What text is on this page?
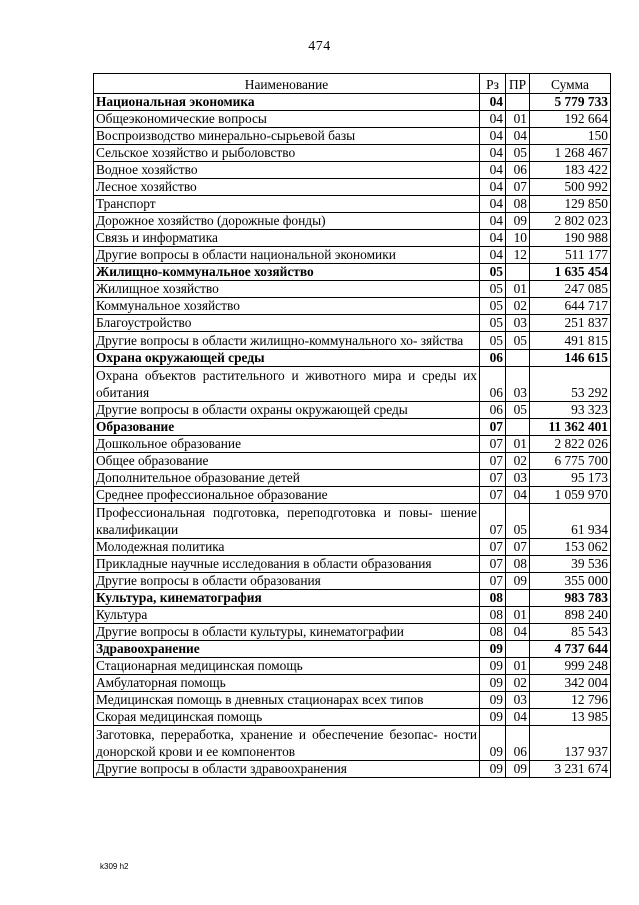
474
Наименование	Рз	ПР	Сумма
Национальная экономика	04		5 779 733
Общеэкономические вопросы	04	01	192 664
Воспроизводство минерально-сырьевой базы	04	04	150
Сельское хозяйство и рыболовство	04	05	1 268 467
Водное хозяйство	04	06	183 422
Лесное хозяйство	04	07	500 992
Транспорт	04	08	129 850
Дорожное хозяйство (дорожные фонды)	04	09	2 802 023
Связь и информатика	04	10	190 988
Другие вопросы в области национальной экономики	04	12	511 177
Жилищно-коммунальное хозяйство	05		1 635 454
Жилищное хозяйство	05	01	247 085
Коммунальное хозяйство	05	02	644 717
Благоустройство	05	03	251 837
Другие вопросы в области жилищно-коммунального хо- зяйства	05	05	491 815
Охрана окружающей среды	06		146 615
Охрана объектов растительного и животного мира и среды их обитания	06	03	53 292
Другие вопросы в области охраны окружающей среды	06	05	93 323
Образование	07		11 362 401
Дошкольное образование	07	01	2 822 026
Общее образование	07	02	6 775 700
Дополнительное образование детей	07	03	95 173
Среднее профессиональное образование	07	04	1 059 970
Профессиональная подготовка, переподготовка и повы- шение квалификации	07	05	61 934
Молодежная политика	07	07	153 062
Прикладные научные исследования в области образования	07	08	39 536
Другие вопросы в области образования	07	09	355 000
Культура, кинематография	08		983 783
Культура	08	01	898 240
Другие вопросы в области культуры, кинематографии	08	04	85 543
Здравоохранение	09		4 737 644
Стационарная медицинская помощь	09	01	999 248
Амбулаторная помощь	09	02	342 004
Медицинская помощь в дневных стационарах всех типов	09	03	12 796
Скорая медицинская помощь	09	04	13 985
Заготовка, переработка, хранение и обеспечение безопас- ности донорской крови и ее компонентов	09	06	137 937
Другие вопросы в области здравоохранения	09	09	3 231 674
k309 h2
